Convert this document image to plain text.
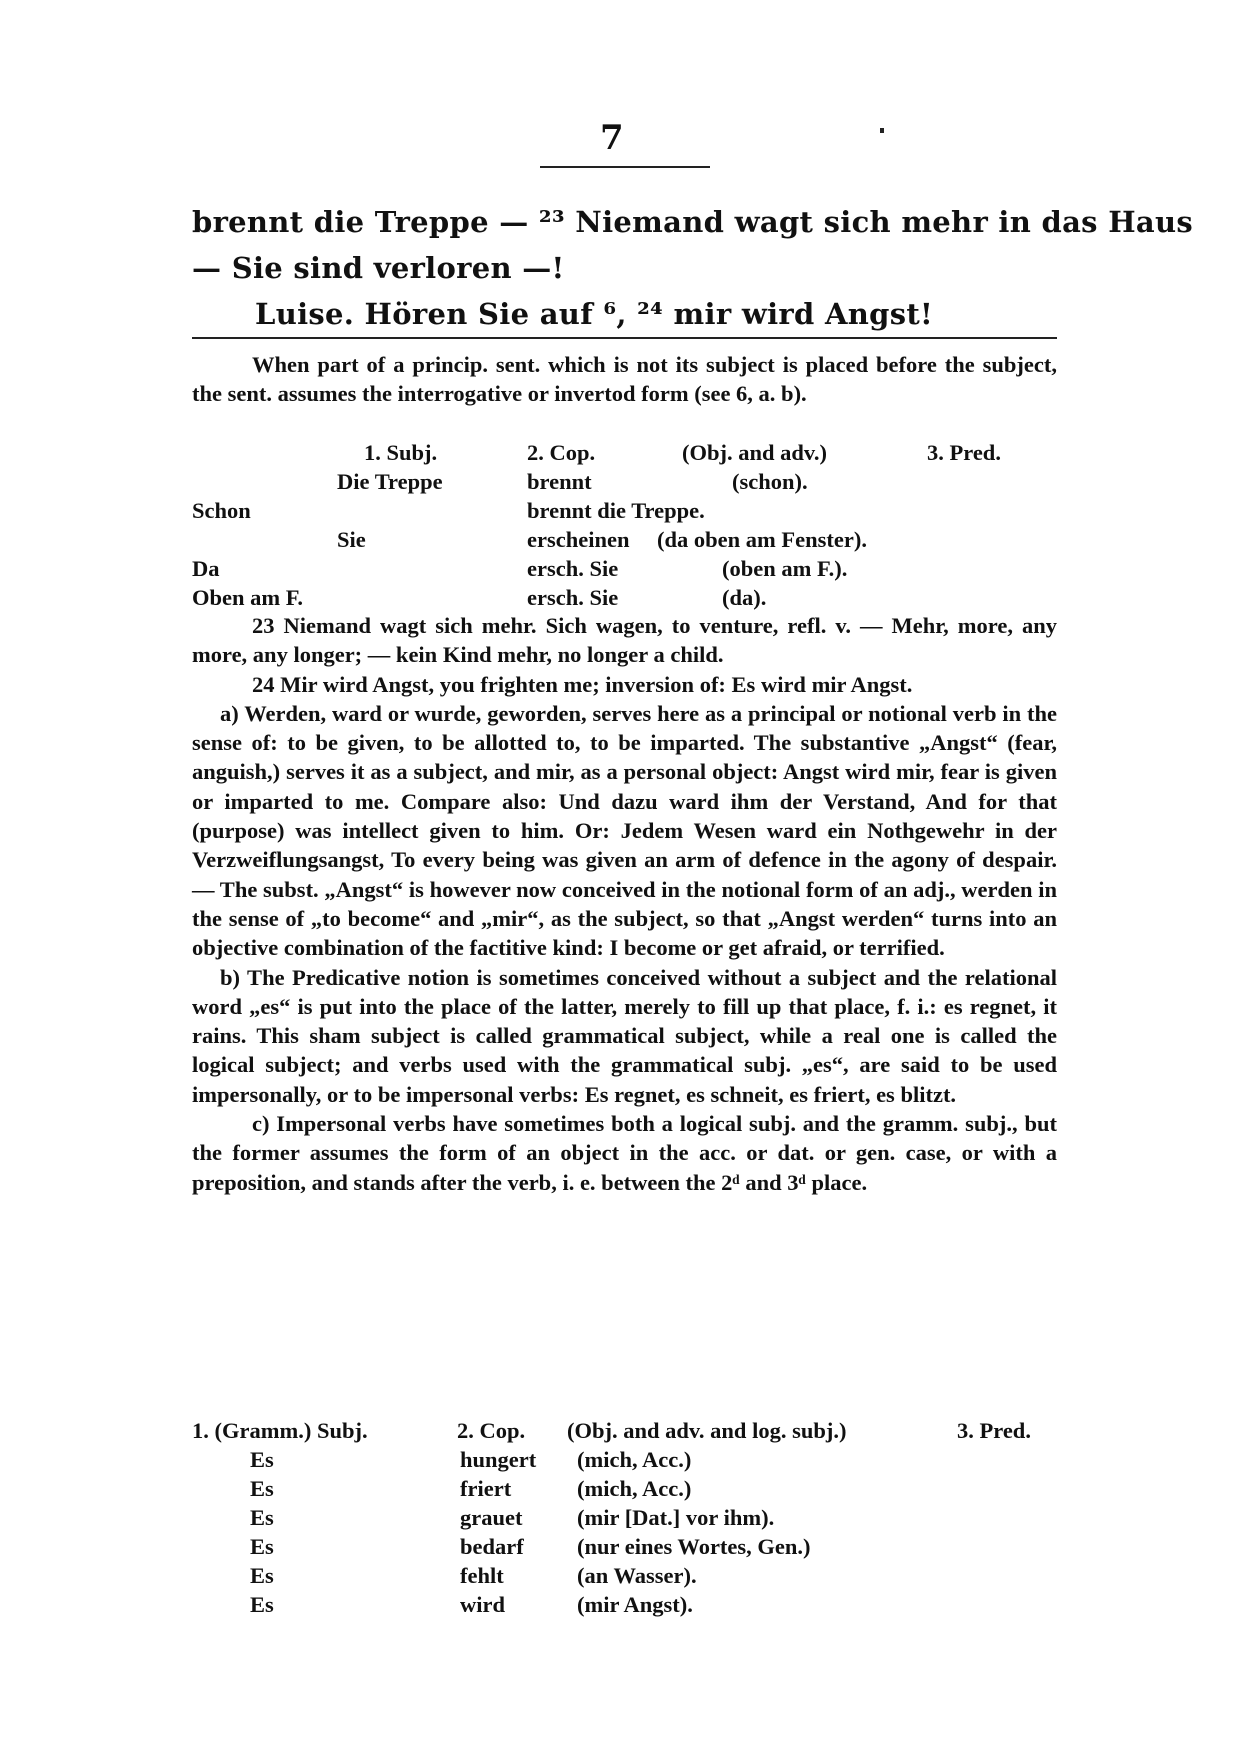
7
brennt die Treppe — ²³ Niemand wagt sich mehr in das Haus
— Sie sind verloren —!
Luise. Hören Sie auf ⁶, ²⁴ mir wird Angst!

When part of a princip. sent. which is not its subject is placed before the subject, the sent. assumes the interrogative or invertod form (see 6, a. b).

1. Subj.	2. Cop.	(Obj. and adv.)	3. Pred.
Die Treppe	brennt	(schon).
Schon	brennt die Treppe.
Sie	erscheinen (da oben am Fenster).
Da	ersch. Sie	(oben am F.).
Oben am F.	ersch. Sie	(da).

23 Niemand wagt sich mehr. Sich wagen, to venture, refl. v. — Mehr, more, any more, any longer; — kein Kind mehr, no longer a child.

24 Mir wird Angst, you frighten me; inversion of: Es wird mir Angst.

a) Werden, ward or wurde, geworden, serves here as a principal or notional verb in the sense of: to be given, to be allotted to, to be imparted. The substantive „Angst“ (fear, anguish,) serves it as a subject, and mir, as a personal object: Angst wird mir, fear is given or imparted to me. Compare also: Und dazu ward ihm der Verstand, And for that (purpose) was intellect given to him. Or: Jedem Wesen ward ein Nothgewehr in der Verzweiflungsangst, To every being was given an arm of defence in the agony of despair. — The subst. „Angst“ is however now conceived in the notional form of an adj., werden in the sense of „to become“ and „mir“, as the subject, so that „Angst werden“ turns into an objective combination of the factitive kind: I become or get afraid, or terrified.

b) The Predicative notion is sometimes conceived without a subject and the relational word „es“ is put into the place of the latter, merely to fill up that place, f. i.: es regnet, it rains. This sham subject is called grammatical subject, while a real one is called the logical subject; and verbs used with the grammatical subj. „es“, are said to be used impersonally, or to be impersonal verbs: Es regnet, es schneit, es friert, es blitzt.

c) Impersonal verbs have sometimes both a logical subj. and the gramm. subj., but the former assumes the form of an object in the acc. or dat. or gen. case, or with a preposition, and stands after the verb, i. e. between the 2ᵈ and 3ᵈ place.

1. (Gramm.) Subj.	2. Cop. (Obj. and adv. and log. subj.)	3. Pred.
Es	hungert (mich, Acc.)
Es	friert	(mich, Acc.)
Es	grauet (mir [Dat.] vor ihm).
Es	bedarf (nur eines Wortes, Gen.)
Es	fehlt	(an Wasser).
Es	wird	(mir Angst).
